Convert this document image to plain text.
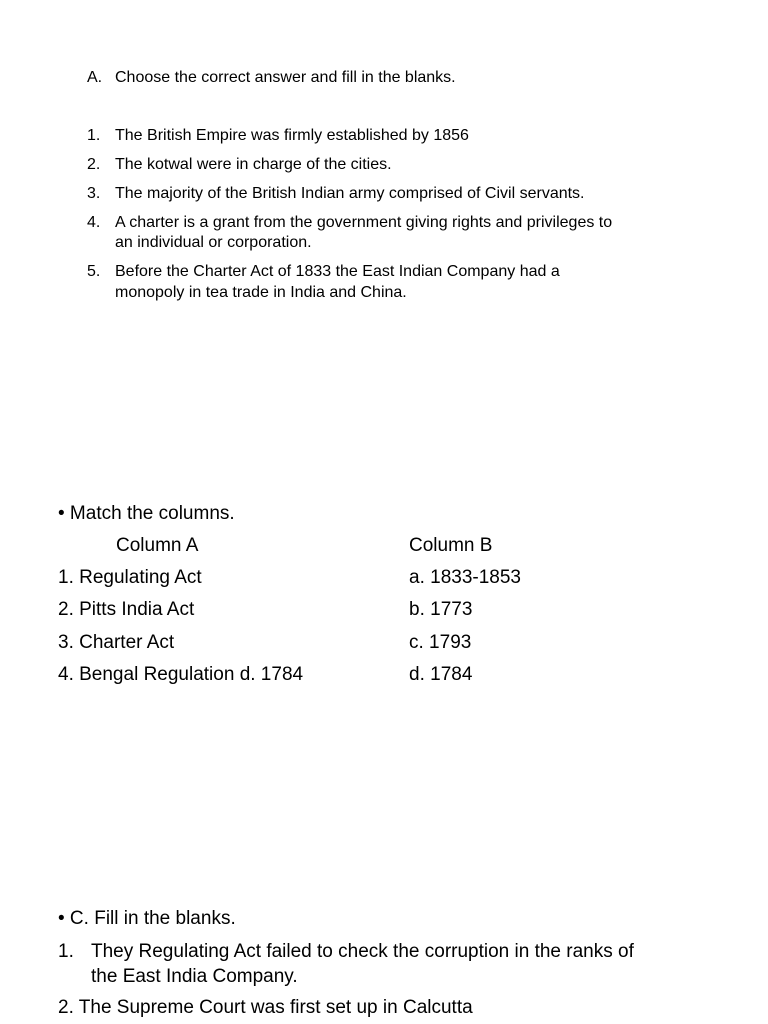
A. Choose the correct answer and fill in the blanks.

1. The British Empire was firmly established by 1856

2. The kotwal were in charge of the cities.

3. The majority of the British Indian army comprised of Civil servants.

4. A charter is a grant from the government giving rights and privileges to

an individual or corporation.

5. Before the Charter Act of 1833 the East Indian Company had a

monopoly in tea trade in India and China.

• Match the columns.

Column A	Column B

1. Regulating Act	a. 1833-1853

2. Pitts India Act	b. 1773

3. Charter Act	c. 1793

4. Bengal Regulation d. 1784	d. 1784

• C. Fill in the blanks.

1. They Regulating Act failed to check the corruption in the ranks of

the East India Company.

2. The Supreme Court was first set up in Calcutta
